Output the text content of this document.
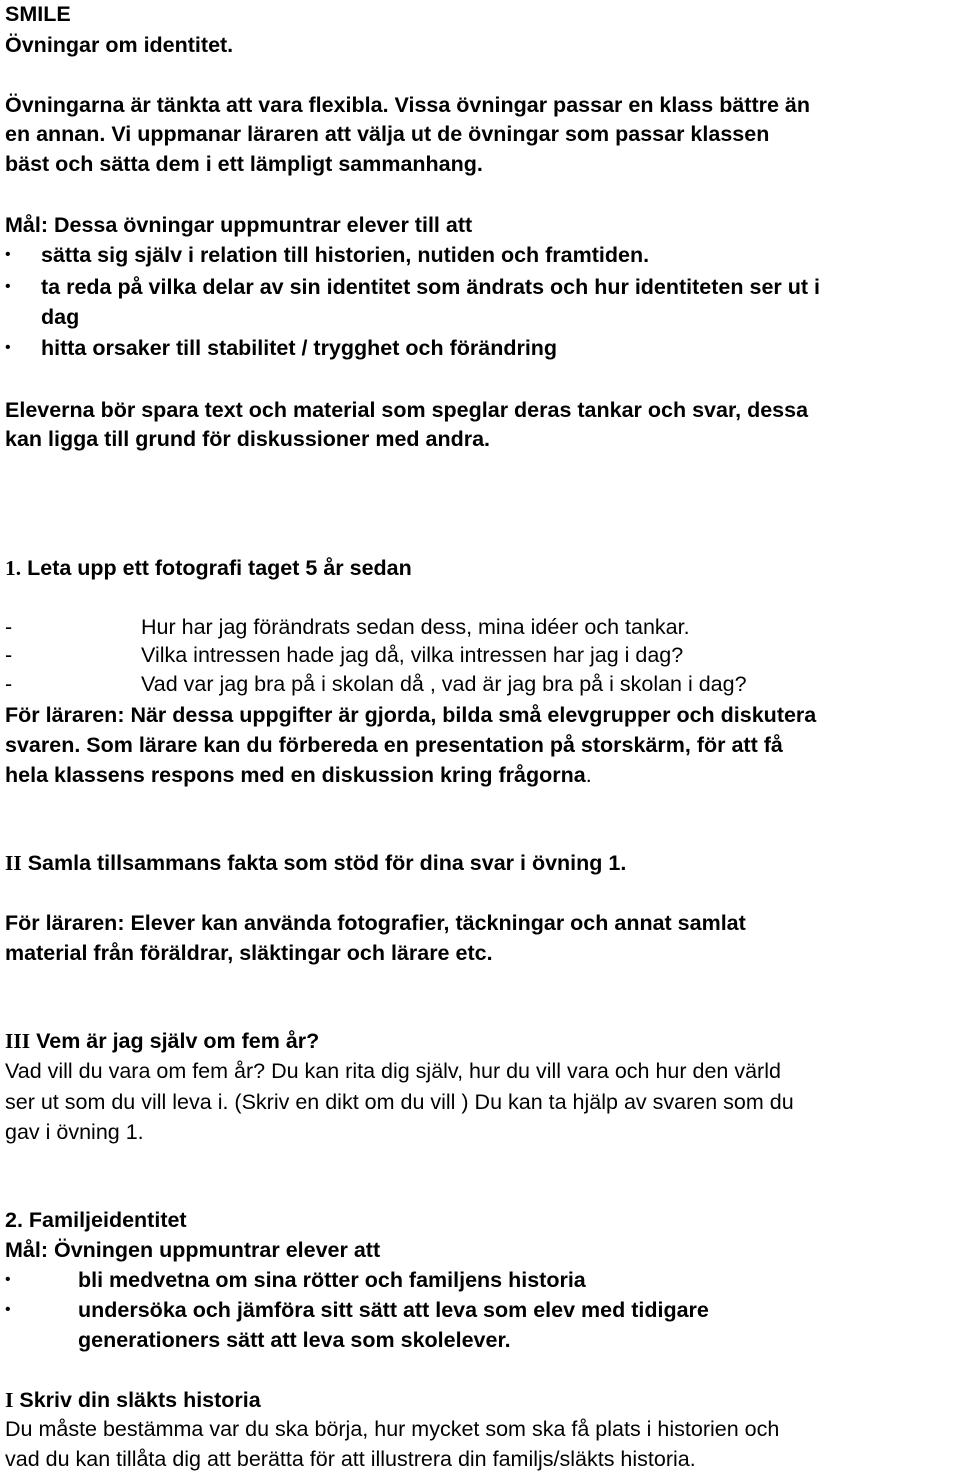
SMILE
Övningar om identitet.
Övningarna är tänkta att vara flexibla. Vissa övningar passar en klass bättre än
en annan. Vi uppmanar läraren att välja ut de övningar som passar klassen
bäst och sätta dem i ett lämpligt sammanhang.
Mål: Dessa övningar uppmuntrar elever till att
• sätta sig själv i relation till historien, nutiden och framtiden.
• ta reda på vilka delar av sin identitet som ändrats och hur identiteten ser ut i
dag
• hitta orsaker till stabilitet / trygghet och förändring
Eleverna bör spara text och material som speglar deras tankar och svar, dessa
kan ligga till grund för diskussioner med andra.
1. Leta upp ett fotografi taget 5 år sedan
-	Hur har jag förändrats sedan dess, mina idéer och tankar.
-	Vilka intressen hade jag då, vilka intressen har jag i dag?
-	Vad var jag bra på i skolan då , vad är jag bra på i skolan i dag?
För läraren: När dessa uppgifter är gjorda, bilda små elevgrupper och diskutera
svaren. Som lärare kan du förbereda en presentation på storskärm, för att få
hela klassens respons med en diskussion kring frågorna.
II Samla tillsammans fakta som stöd för dina svar i övning 1.
För läraren: Elever kan använda fotografier, täckningar och annat samlat
material från föräldrar, släktingar och lärare etc.
III Vem är jag själv om fem år?
Vad vill du vara om fem år? Du kan rita dig själv, hur du vill vara och hur den värld
ser ut som du vill leva i. (Skriv en dikt om du vill ) Du kan ta hjälp av svaren som du
gav i övning 1.
2. Familjeidentitet
Mål: Övningen uppmuntrar elever att
•	bli medvetna om sina rötter och familjens historia
•	undersöka och jämföra sitt sätt att leva som elev med tidigare
generationers sätt att leva som skolelever.
I Skriv din släkts historia
Du måste bestämma var du ska börja, hur mycket som ska få plats i historien och
vad du kan tillåta dig att berätta för att illustrera din familjs/släkts historia.
